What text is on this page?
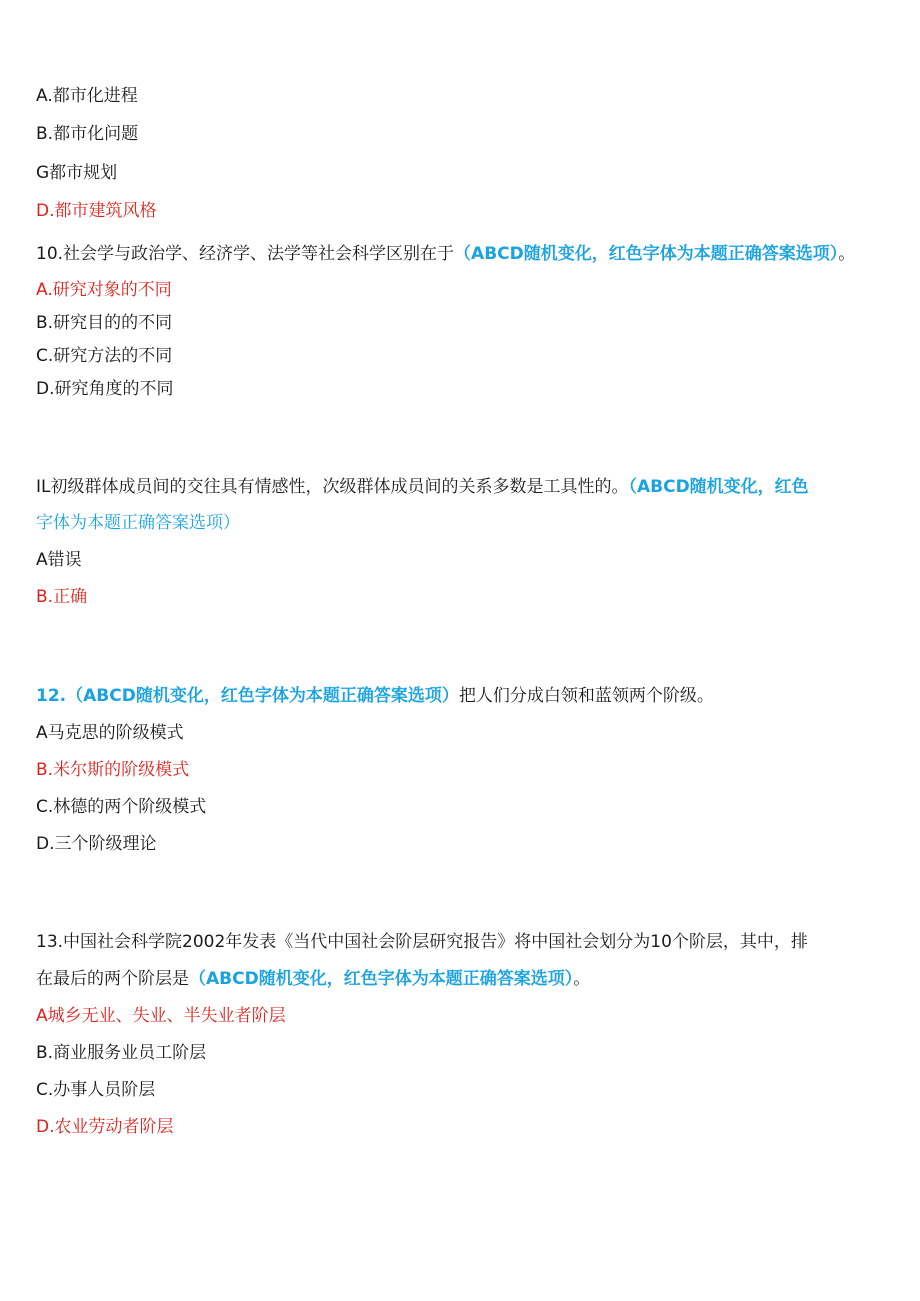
A.都市化进程
B.都市化问题
G都市规划
D.都市建筑风格
10.社会学与政治学、经济学、法学等社会科学区别在于（ABCD随机变化，红色字体为本题正确答案选项）。
A.研究对象的不同
B.研究目的的不同
C.研究方法的不同
D.研究角度的不同
IL初级群体成员间的交往具有情感性，次级群体成员间的关系多数是工具性的。（ABCD随机变化，红色
字体为本题正确答案选项）
A错误
B.正确
12.（ABCD随机变化，红色字体为本题正确答案选项）把人们分成白领和蓝领两个阶级。
A马克思的阶级模式
B.米尔斯的阶级模式
C.林德的两个阶级模式
D.三个阶级理论
13.中国社会科学院2002年发表《当代中国社会阶层研究报告》将中国社会划分为10个阶层，其中，排
在最后的两个阶层是（ABCD随机变化，红色字体为本题正确答案选项）。
A城乡无业、失业、半失业者阶层
B.商业服务业员工阶层
C.办事人员阶层
D.农业劳动者阶层
